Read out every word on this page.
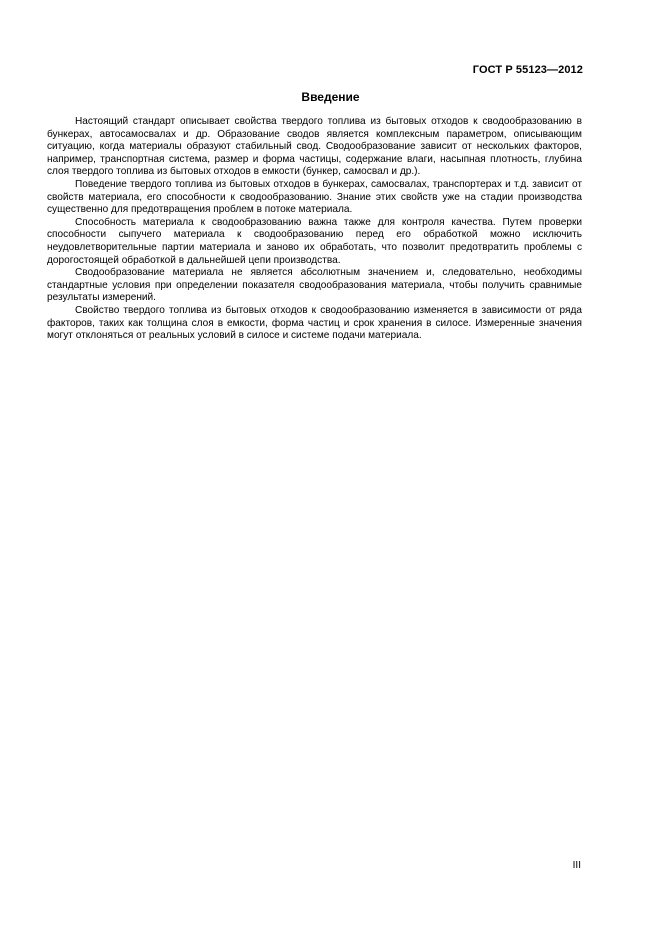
ГОСТ Р 55123—2012
Введение

Настоящий стандарт описывает свойства твердого топлива из бытовых отходов к сводообразованию в бункерах, автосамосвалах и др. Образование сводов является комплексным параметром, описывающим ситуацию, когда материалы образуют стабильный свод. Сводообразование зависит от нескольких факторов, например, транспортная система, размер и форма частицы, содержание влаги, насыпная плотность, глубина слоя твердого топлива из бытовых отходов в емкости (бункер, самосвал и др.).

Поведение твердого топлива из бытовых отходов в бункерах, самосвалах, транспортерах и т.д. зависит от свойств материала, его способности к сводообразованию. Знание этих свойств уже на стадии производства существенно для предотвращения проблем в потоке материала.

Способность материала к сводообразованию важна также для контроля качества. Путем проверки способности сыпучего материала к сводообразованию перед его обработкой можно исключить неудовлетворительные партии материала и заново их обработать, что позволит предотвратить проблемы с дорогостоящей обработкой в дальнейшей цепи производства.

Сводообразование материала не является абсолютным значением и, следовательно, необходимы стандартные условия при определении показателя сводообразования материала, чтобы получить сравнимые результаты измерений.

Свойство твердого топлива из бытовых отходов к сводообразованию изменяется в зависимости от ряда факторов, таких как толщина слоя в емкости, форма частиц и срок хранения в силосе. Измеренные значения могут отклоняться от реальных условий в силосе и системе подачи материала.

III
